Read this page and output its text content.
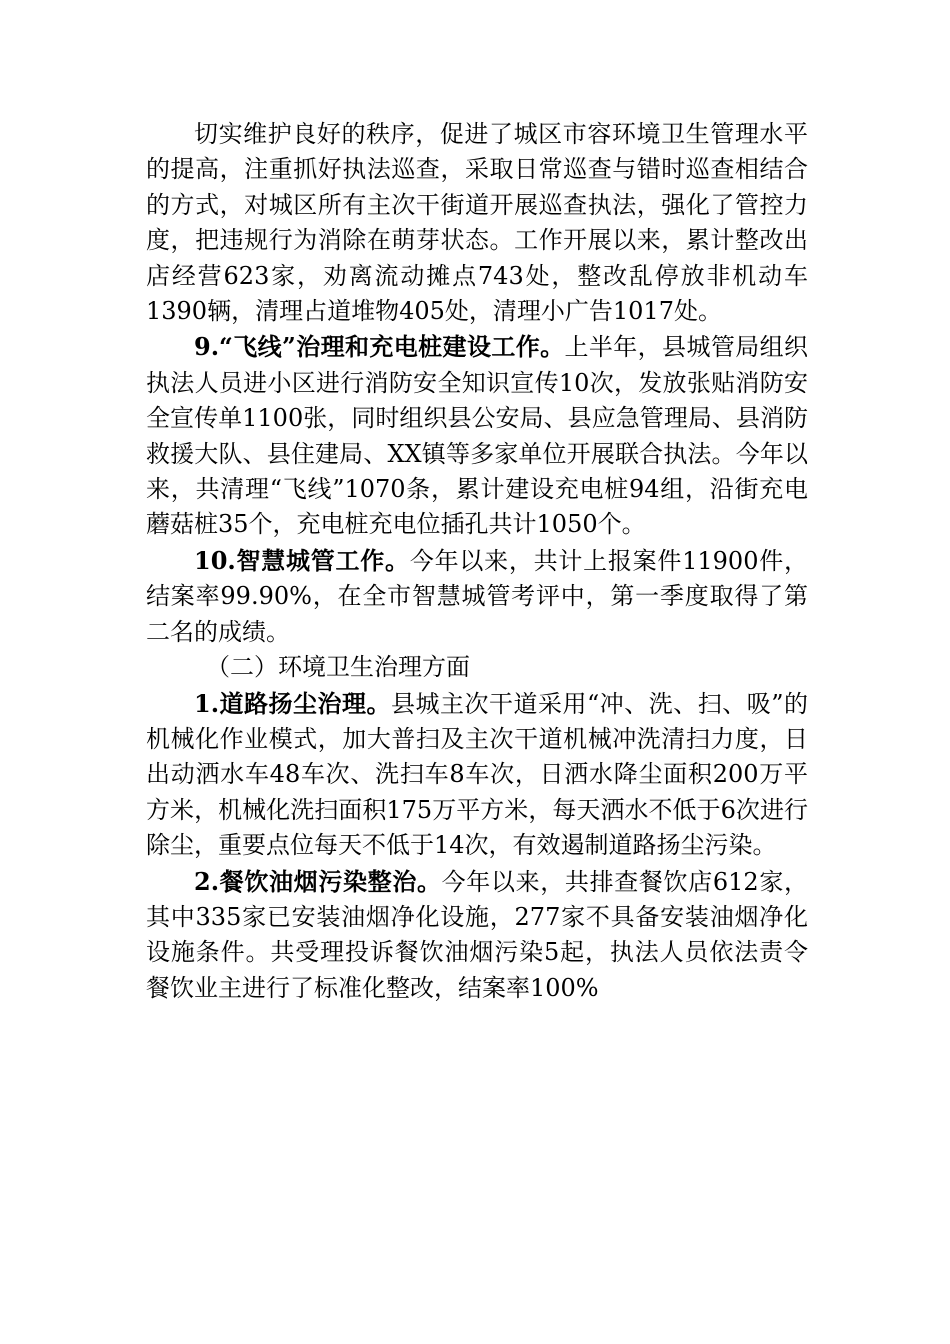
切实维护良好的秩序，促进了城区市容环境卫生管理水平的提高，注重抓好执法巡查，采取日常巡查与错时巡查相结合的方式，对城区所有主次干街道开展巡查执法，强化了管控力度，把违规行为消除在萌芽状态。工作开展以来，累计整改出店经营623家，劝离流动摊点743处，整改乱停放非机动车1390辆，清理占道堆物405处，清理小广告1017处。

9.“飞线”治理和充电桩建设工作。上半年，县城管局组织执法人员进小区进行消防安全知识宣传10次，发放张贴消防安全宣传单1100张，同时组织县公安局、县应急管理局、县消防救援大队、县住建局、XX镇等多家单位开展联合执法。今年以来，共清理“飞线”1070条，累计建设充电桩94组，沿街充电蘑菇桩35个，充电桩充电位插孔共计1050个。

10.智慧城管工作。今年以来，共计上报案件11900件，结案率99.90%，在全市智慧城管考评中，第一季度取得了第二名的成绩。

（二）环境卫生治理方面

1.道路扬尘治理。县城主次干道采用“冲、洗、扫、吸”的机械化作业模式，加大普扫及主次干道机械冲洗清扫力度，日出动洒水车48车次、洗扫车8车次，日洒水降尘面积200万平方米，机械化洗扫面积175万平方米，每天洒水不低于6次进行除尘，重要点位每天不低于14次，有效遏制道路扬尘污染。

2.餐饮油烟污染整治。今年以来，共排查餐饮店612家，其中335家已安装油烟净化设施，277家不具备安装油烟净化设施条件。共受理投诉餐饮油烟污染5起，执法人员依法责令餐饮业主进行了标准化整改，结案率100%
